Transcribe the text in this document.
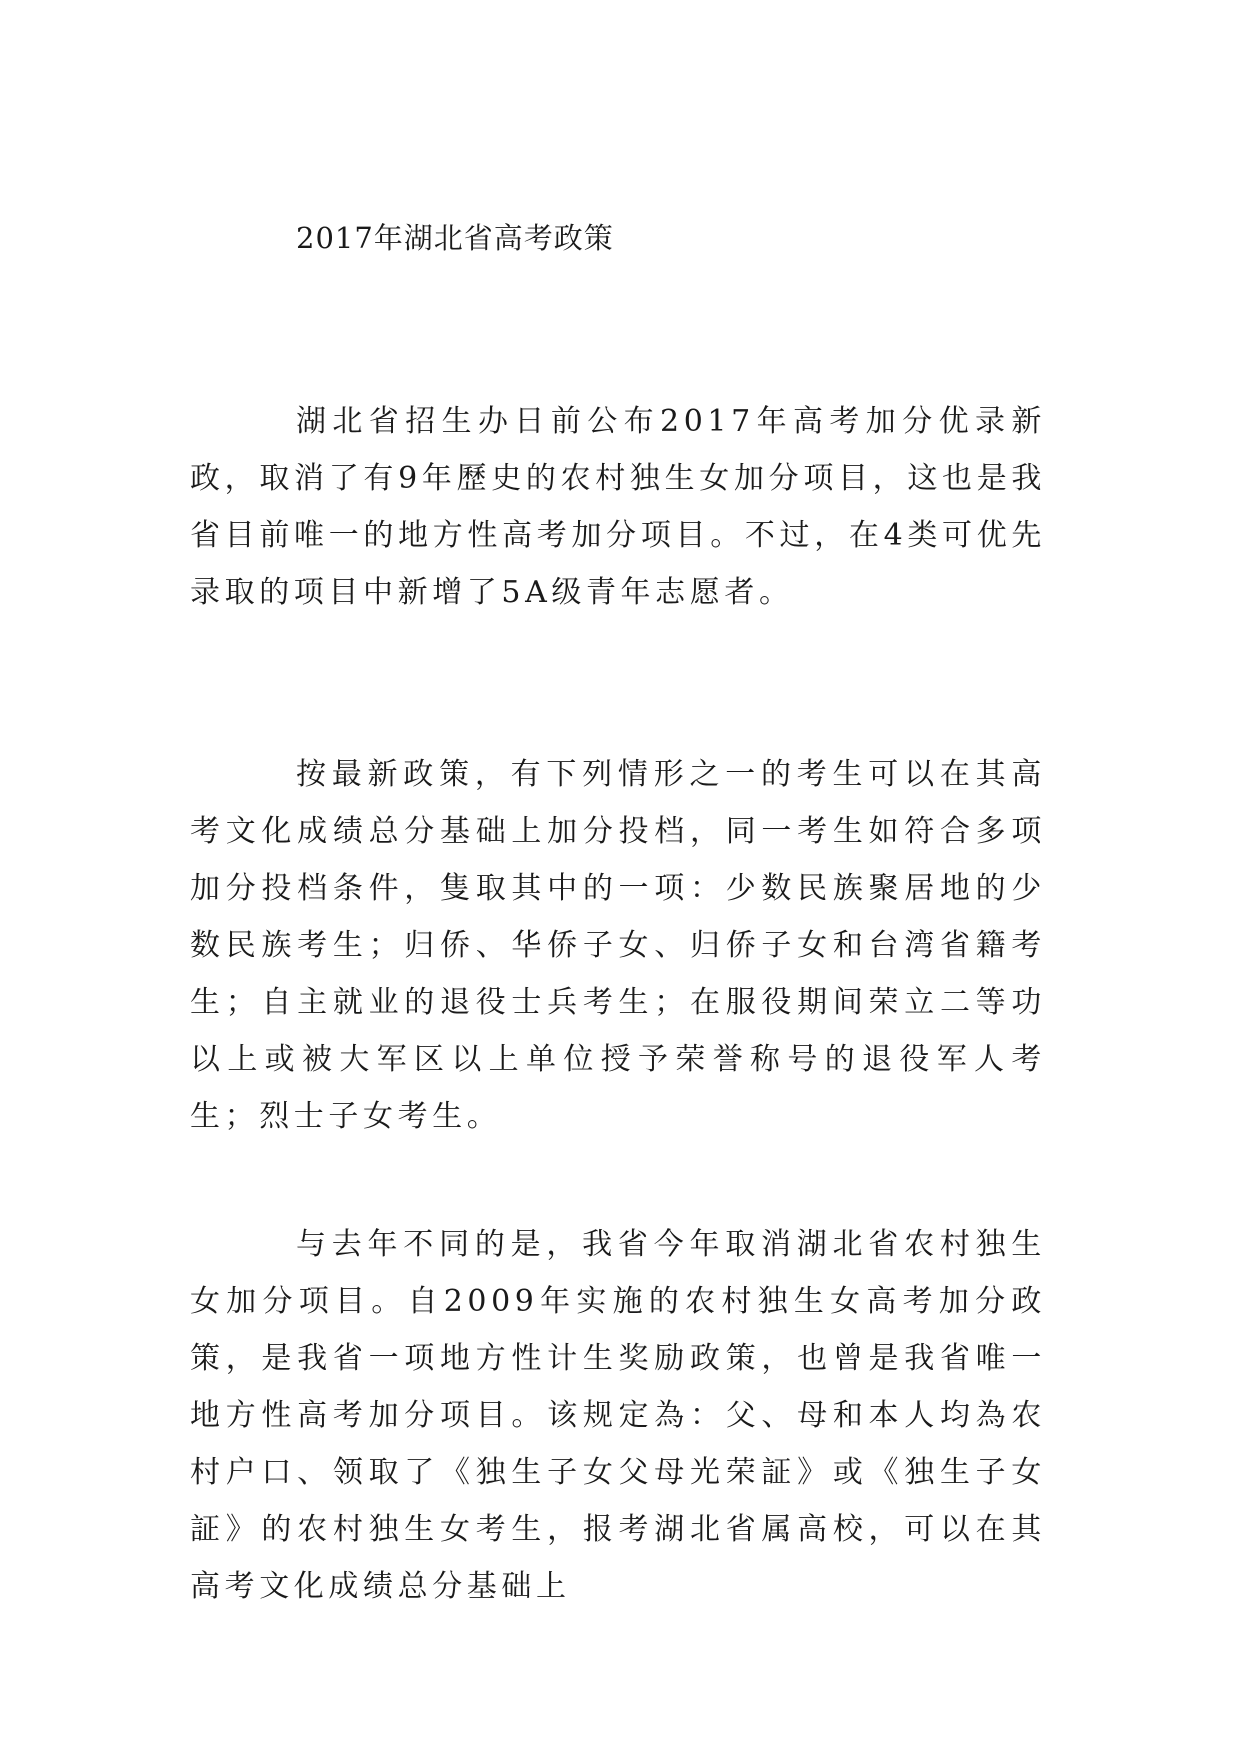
2017年湖北省高考政策

湖北省招生办日前公布2017年高考加分优录新政，取消了有9年歷史的农村独生女加分项目，这也是我省目前唯一的地方性高考加分项目。不过，在4类可优先录取的项目中新增了5A级青年志愿者。

按最新政策，有下列情形之一的考生可以在其高考文化成绩总分基础上加分投档，同一考生如符合多项加分投档条件，隻取其中的一项：少数民族聚居地的少数民族考生；归侨、华侨子女、归侨子女和台湾省籍考生；自主就业的退役士兵考生；在服役期间荣立二等功以上或被大军区以上单位授予荣誉称号的退役军人考生；烈士子女考生。

与去年不同的是，我省今年取消湖北省农村独生女加分项目。自2009年实施的农村独生女高考加分政策，是我省一项地方性计生奖励政策，也曾是我省唯一地方性高考加分项目。该规定為：父、母和本人均為农村户口、领取了《独生子女父母光荣証》或《独生子女証》的农村独生女考生，报考湖北省属高校，可以在其高考文化成绩总分基础上
